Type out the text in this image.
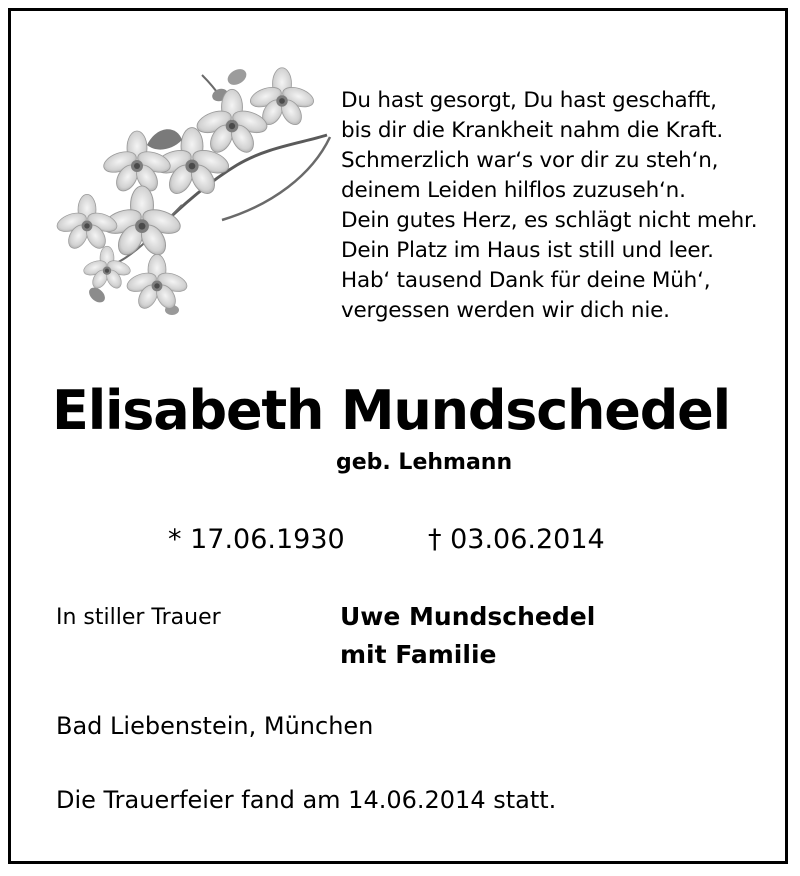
Du hast gesorgt, Du hast geschafft,
bis dir die Krankheit nahm die Kraft.
Schmerzlich war‘s vor dir zu steh‘n,
deinem Leiden hilflos zuzuseh‘n.
Dein gutes Herz, es schlägt nicht mehr.
Dein Platz im Haus ist still und leer.
Hab‘ tausend Dank für deine Müh‘,
vergessen werden wir dich nie.
Elisabeth Mundschedel
geb. Lehmann
* 17.06.1930	† 03.06.2014
In stiller Trauer	Uwe Mundschedel
mit Familie
Bad Liebenstein, München
Die Trauerfeier fand am 14.06.2014 statt.
